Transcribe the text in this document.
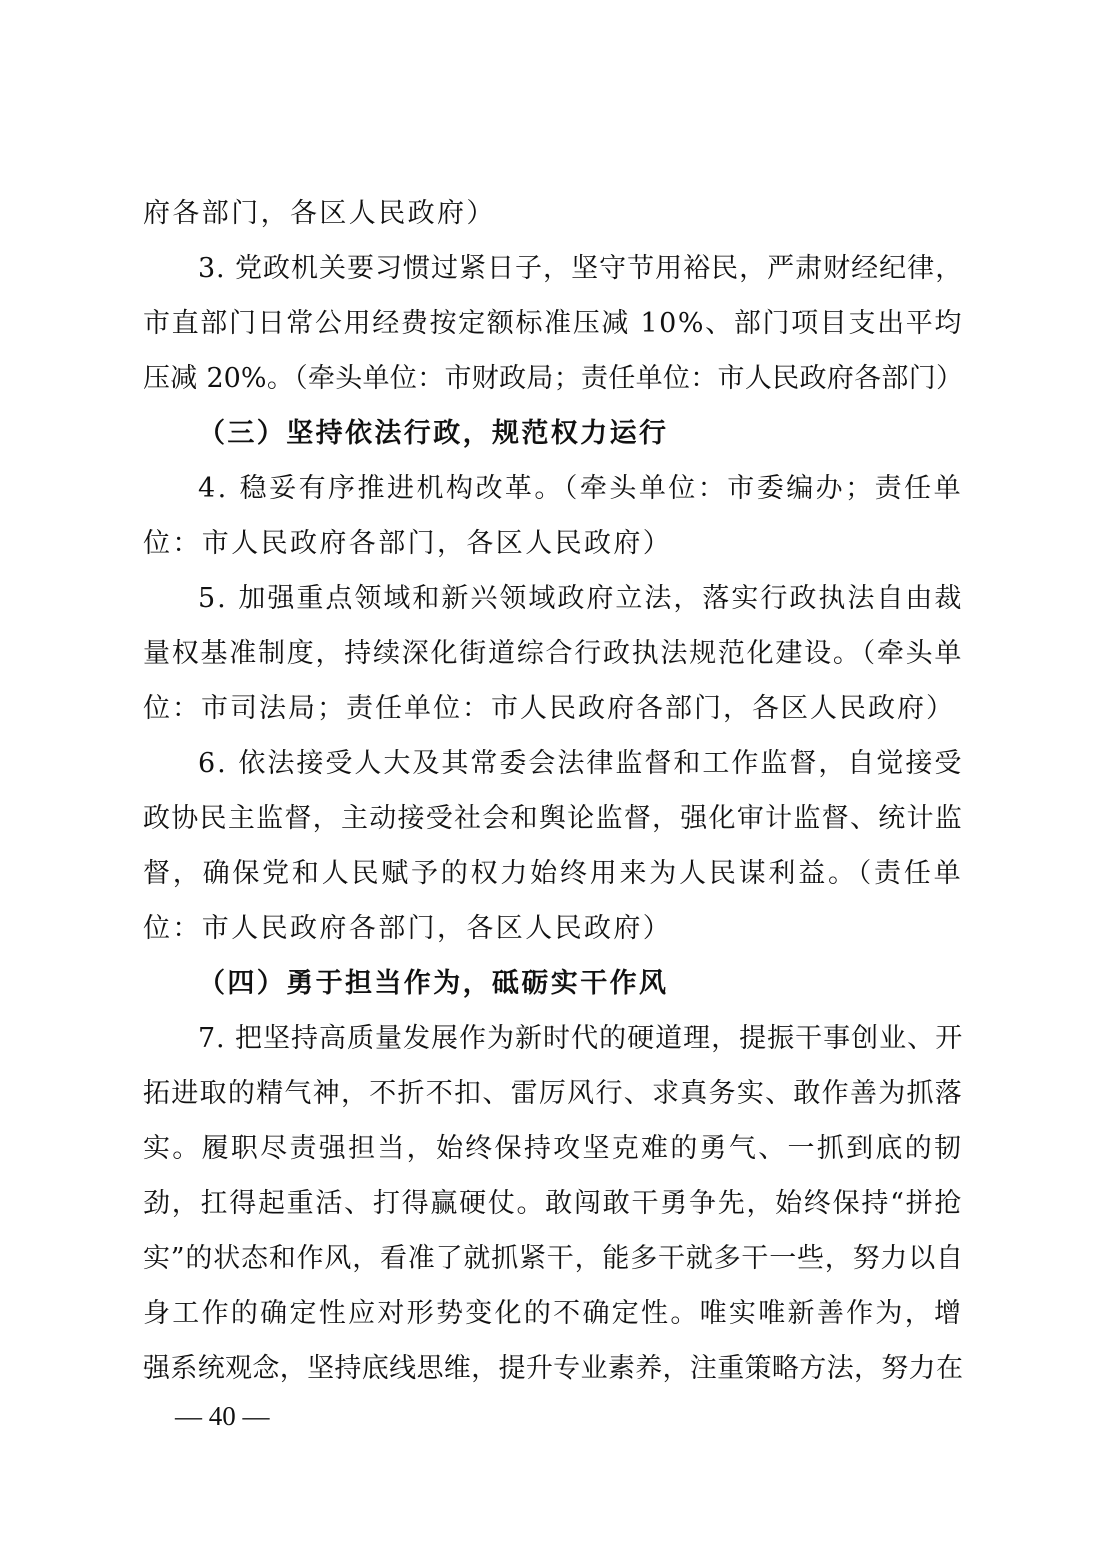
府各部门，各区人民政府）
3. 党政机关要习惯过紧日子，坚守节用裕民，严肃财经纪律，
市直部门日常公用经费按定额标准压减 10%、部门项目支出平均
压减 20%。（牵头单位：市财政局；责任单位：市人民政府各部门）
（三）坚持依法行政，规范权力运行
4. 稳妥有序推进机构改革。（牵头单位：市委编办；责任单
位：市人民政府各部门，各区人民政府）
5. 加强重点领域和新兴领域政府立法，落实行政执法自由裁
量权基准制度，持续深化街道综合行政执法规范化建设。（牵头单
位：市司法局；责任单位：市人民政府各部门，各区人民政府）
6. 依法接受人大及其常委会法律监督和工作监督，自觉接受
政协民主监督，主动接受社会和舆论监督，强化审计监督、统计监
督，确保党和人民赋予的权力始终用来为人民谋利益。（责任单
位：市人民政府各部门，各区人民政府）
（四）勇于担当作为，砥砺实干作风
7. 把坚持高质量发展作为新时代的硬道理，提振干事创业、开
拓进取的精气神，不折不扣、雷厉风行、求真务实、敢作善为抓落
实。履职尽责强担当，始终保持攻坚克难的勇气、一抓到底的韧
劲，扛得起重活、打得赢硬仗。敢闯敢干勇争先，始终保持“拼抢
实”的状态和作风，看准了就抓紧干，能多干就多干一些，努力以自
身工作的确定性应对形势变化的不确定性。唯实唯新善作为，增
强系统观念，坚持底线思维，提升专业素养，注重策略方法，努力在
— 40 —
